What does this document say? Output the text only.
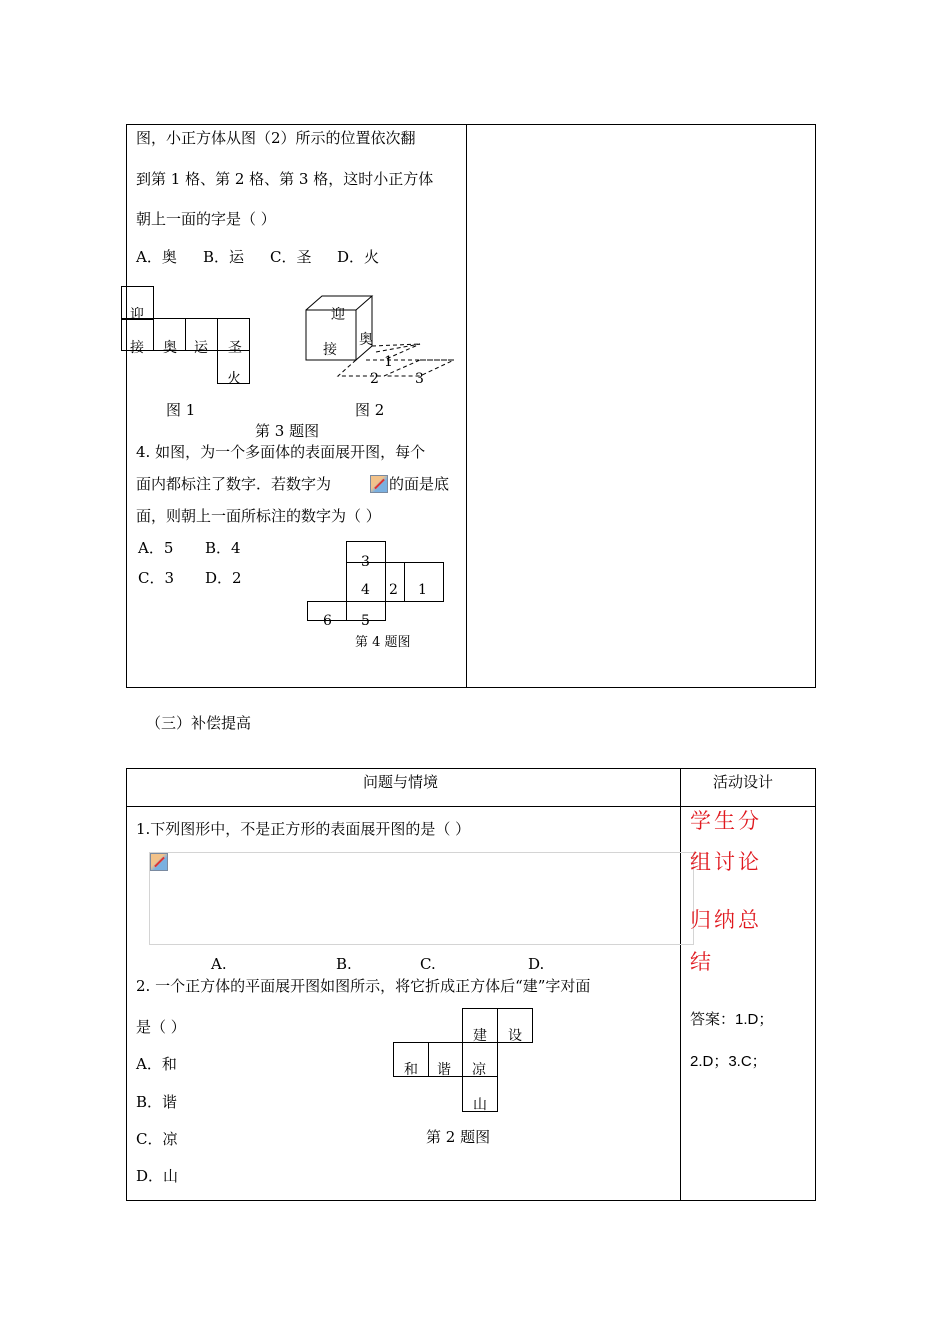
图，小正方体从图（2）所示的位置依次翻
到第 1 格、第 2 格、第 3 格，这时小正方体
朝上一面的字是（ ）
A．奥 B．运 C．圣 D．火
迎
接 奥 运 圣
火
图 1
迎
接
奥
1
2	3
图 2
第 3 题图
4. 如图，为一个多面体的表面展开图，每个
面内都标注了数字．若数字为	的面是底
面，则朝上一面所标注的数字为（ ）
A．5 B．4
C．3 D．2
3
4 2 1
6 5
第 4 题图
（三）补偿提高
问题与情境	活动设计
1.下列图形中，不是正方形的表面展开图的是（ ）
A.	B.	C.	D.
2. 一个正方体的平面展开图如图所示，将它折成正方体后“建”字对面
是（ ）
A．和
B．谐
C．凉
D．山
建 设
和 谐 凉
山
第 2 题图
学生分
组讨论
归纳总
结
答案：1.D；
2.D；3.C；
